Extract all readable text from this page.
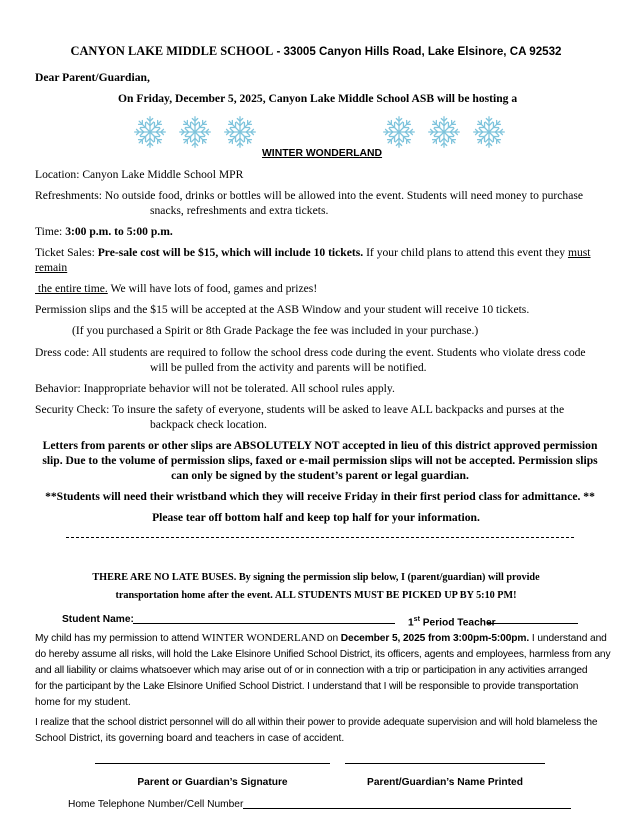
CANYON LAKE MIDDLE SCHOOL - 33005 Canyon Hills Road, Lake Elsinore, CA 92532
Dear Parent/Guardian,
On Friday, December 5, 2025, Canyon Lake Middle School ASB will be hosting a
WINTER WONDERLAND
Location: Canyon Lake Middle School MPR
Refreshments: No outside food, drinks or bottles will be allowed into the event. Students will need money to purchase
snacks, refreshments and extra tickets.
Time: 3:00 p.m. to 5:00 p.m.
Ticket Sales: Pre-sale cost will be $15, which will include 10 tickets. If your child plans to attend this event they must
remain
the entire time. We will have lots of food, games and prizes!
Permission slips and the $15 will be accepted at the ASB Window and your student will receive 10 tickets.
(If you purchased a Spirit or 8th Grade Package the fee was included in your purchase.)
Dress code: All students are required to follow the school dress code during the event. Students who violate dress code
will be pulled from the activity and parents will be notified.
Behavior: Inappropriate behavior will not be tolerated. All school rules apply.
Security Check: To insure the safety of everyone, students will be asked to leave ALL backpacks and purses at the
backpack check location.
Letters from parents or other slips are ABSOLUTELY NOT accepted in lieu of this district approved permission
slip. Due to the volume of permission slips, faxed or e-mail permission slips will not be accepted. Permission slips
can only be signed by the student’s parent or legal guardian.
**Students will need their wristband which they will receive Friday in their first period class for admittance. **
Please tear off bottom half and keep top half for your information.
THERE ARE NO LATE BUSES. By signing the permission slip below, I (parent/guardian) will provide
transportation home after the event. ALL STUDENTS MUST BE PICKED UP BY 5:10 PM!
Student Name:	1st Period Teacher
My child has my permission to attend WINTER WONDERLAND on December 5, 2025 from 3:00pm-5:00pm. I understand and
do hereby assume all risks, will hold the Lake Elsinore Unified School District, its officers, agents and employees, harmless from any
and all liability or claims whatsoever which may arise out of or in connection with a trip or participation in any activities arranged
for the participant by the Lake Elsinore Unified School District. I understand that I will be responsible to provide transportation
home for my student.
I realize that the school district personnel will do all within their power to provide adequate supervision and will hold blameless the
School District, its governing board and teachers in case of accident.
Parent or Guardian’s Signature	Parent/Guardian’s Name Printed
Home Telephone Number/Cell Number
